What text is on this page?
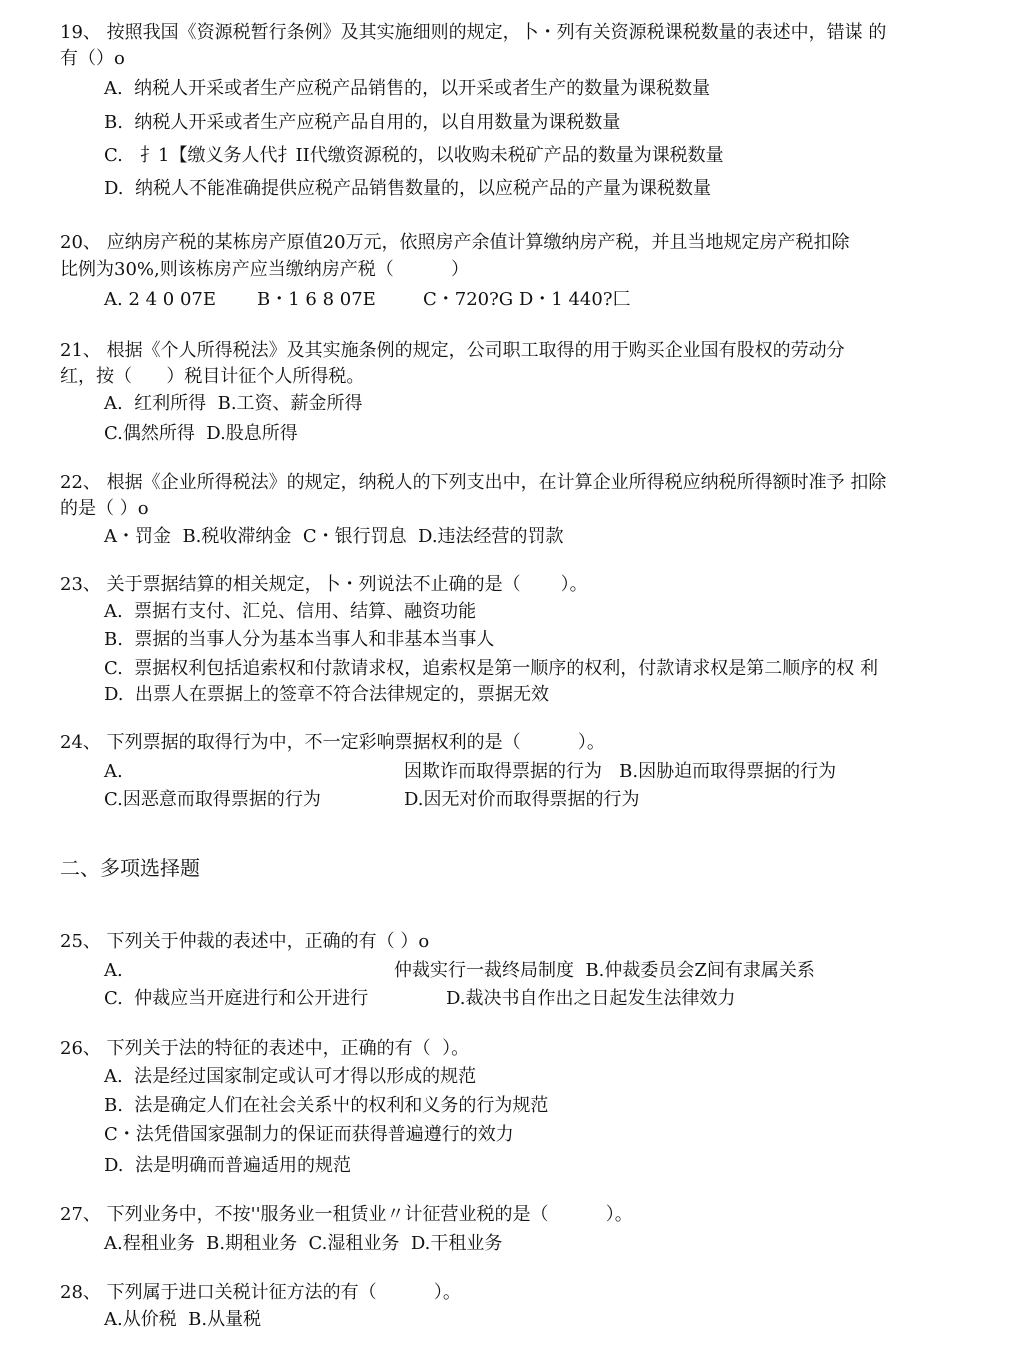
19、 按照我国《资源税暂行条例》及其实施细则的规定，卜・列有关资源税课税数量的表述中，错谋 的
有（）o
A.  纳税人开采或者生产应税产品销售的，以开采或者生产的数量为课税数量
B.  纳税人开采或者生产应税产品自用的，以自用数量为课税数量
C.   扌1【缴义务人代扌II代缴资源税的，以收购未税矿产品的数量为课税数量
D.  纳税人不能准确提供应税产品销售数量的，以应税产品的产量为课税数量
20、 应纳房产税的某栋房产原值20万元，依照房产余值计算缴纳房产税，并且当地规定房产税扣除
比例为30%,则该栋房产应当缴纳房产税（          ）
A. 2 4 0 07E B・1 6 8 07E	C・720?G D・1 440?匚
21、 根据《个人所得税法》及其实施条例的规定，公司职工取得的用于购买企业国有股权的劳动分
红，按（      ）税目计征个人所得税。
A.  红利所得  B.工资、薪金所得
C.偶然所得  D.股息所得
22、 根据《企业所得税法》的规定，纳税人的下列支出中，在计算企业所得税应纳税所得额时准予 扣除
的是（ ）o
A・罚金  B.税收滞纳金  C・银行罚息  D.违法经营的罚款
23、 关于票据结算的相关规定，卜・列说法不止确的是（       ）。
A.  票据冇支付、汇兑、信用、结算、融资功能
B.  票据的当事人分为基本当事人和非基本当事人
C.  票据权利包括追索权和付款请求权，追索权是第一顺序的权利，付款请求权是第二顺序的权 利
D.  出票人在票据上的签章不符合法律规定的，票据无效
24、 下列票据的取得行为中，不一定彩响票据权利的是（          ）。
A.	因欺诈而取得票据的行为   B.因胁迫而取得票据的行为
C.因恶意而取得票据的行为	D.因无对价而取得票据的行为
二、多项选择题
25、 下列关于仲裁的表述中，正确的有（ ）o
A.	仲裁实行一裁终局制度  B.仲裁委员会Z间有隶属关系
C.  仲裁应当开庭进行和公开进行	D.裁决书自作出之日起发生法律效力
26、 下列关于法的特征的表述中，正确的有（  ）。
A.  法是经过国家制定或认可才得以形成的规范
B.  法是确定人们在社会关系屮的权利和义务的行为规范
C・法凭借国家强制力的保证而获得普遍遵行的效力
D.  法是明确而普遍适用的规范
27、 下列业务中，不按''服务业一租赁业〃计征营业税的是（          ）。
A.程租业务  B.期租业务  C.湿租业务  D.干租业务
28、 下列属于进口关税计征方法的有（          ）。
A.从价税  B.从量税
